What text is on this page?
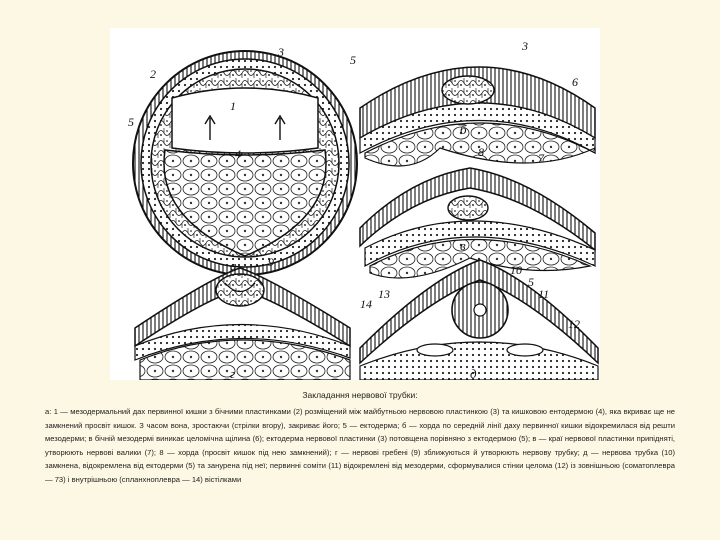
а
б
в
г	д
1
2
3
4
5
3
5
6
8	7
9
10
5
11
14
13
12
Закладання нервової трубки:
а: 1 — мезодермальний дах первинної кишки з бічними пластинками (2) розміщений між майбутньою нервовою пластинкою (3) та кишковою ентодермою (4), яка вкриває ще не замкнений просвіт кишок. З часом вона, зростаючи (стрілки вгору), закриває його; 5 — ектодерма; б — хорда по середній лінії даху первинної кишки відокремилася від решти мезодерми; в бічній мезодермі виникає целомічна щілина (6); ектодерма нервової пластинки (3) потовщена порівняно з ектодермою (5); в — краї нервової пластинки припідняті, утворюють нервові валики (7); 8 — хорда (просвіт кишок під нею замкнений); г — нервові гребені (9) зближуються й утворюють нервову трубку; д — нервова трубка (10) замкнена, відокремлена від ектодерми (5) та занурена під неї; первинні сомiти (11) відокремлені від мезодерми, сформувалися стінки целома (12) із зовнішньою (соматоплевра — 73) і внутрішньою (спланхноплевра — 14) вістілками
